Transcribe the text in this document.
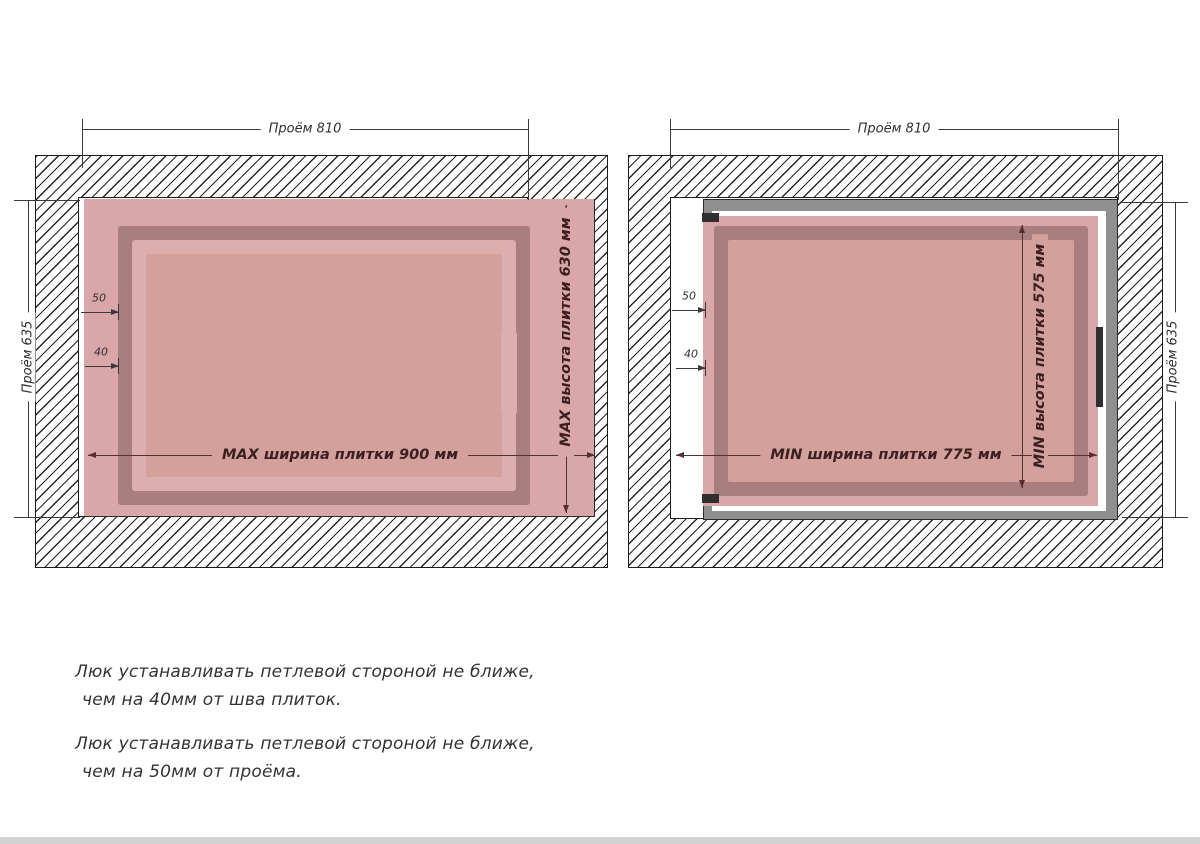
Проём 810
Проём 635
50
40
MAX ширина плитки 900 мм
MAX высота плитки 630 мм
Проём 810
Проём 635
50
40
MIN ширина плитки 775 мм	MIN высота плитки 575 мм
Люк устанавливать петлевой стороной не ближе,
чем на 40мм от шва плиток.
Люк устанавливать петлевой стороной не ближе,
чем на 50мм от проёма.
